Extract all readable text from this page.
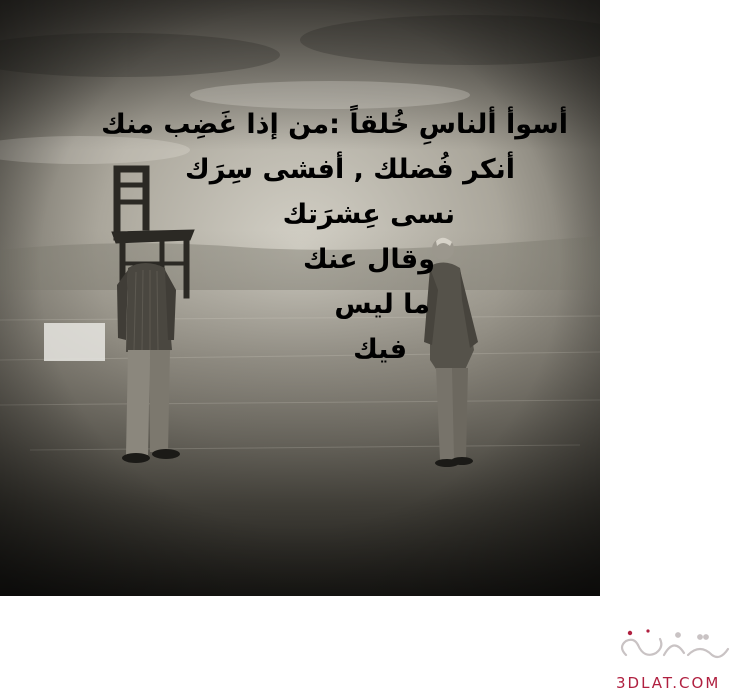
أسوأ ألناسِ خُلقاً :من إذا غَضِب منك
أنكر فُضلك , أفشى سِرَك
نسى عِشرَتك
وقال عنك
ما ليس
فيك
3DLAT.COM
